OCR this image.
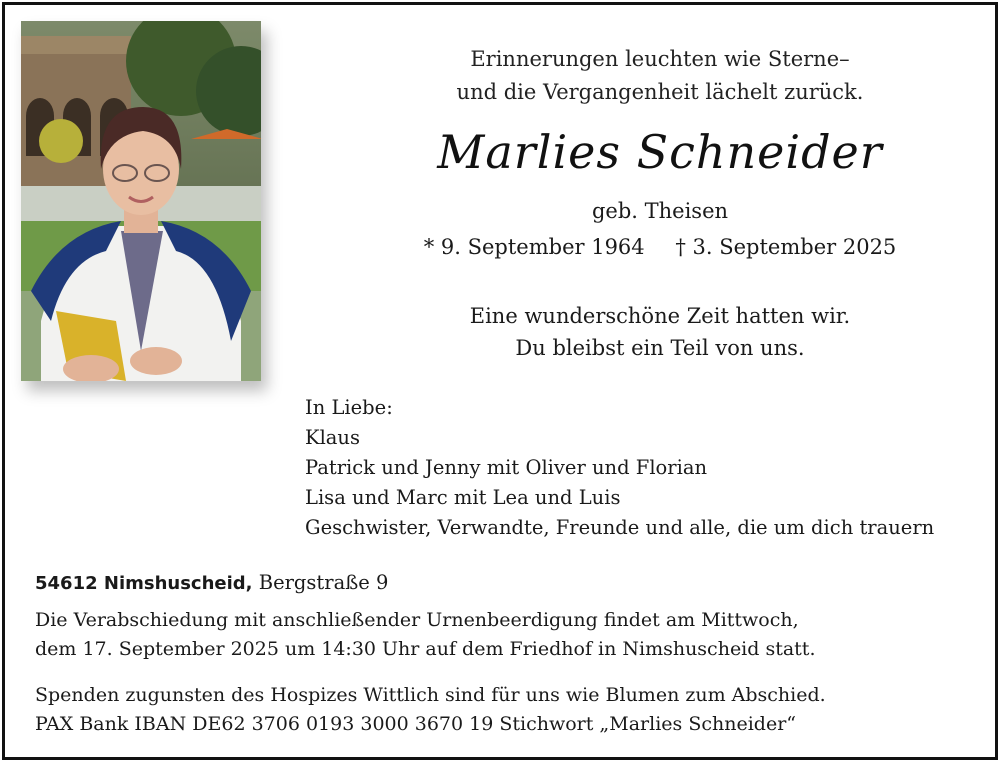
Erinnerungen leuchten wie Sterne–
und die Vergangenheit lächelt zurück.
Marlies Schneider
geb. Theisen
* 9. September 1964 † 3. September 2025
Eine wunderschöne Zeit hatten wir.
Du bleibst ein Teil von uns.
In Liebe:
Klaus
Patrick und Jenny mit Oliver und Florian
Lisa und Marc mit Lea und Luis
Geschwister, Verwandte, Freunde und alle, die um dich trauern
54612 Nimshuscheid, Bergstraße 9
Die Verabschiedung mit anschließender Urnenbeerdigung findet am Mittwoch,
dem 17. September 2025 um 14:30 Uhr auf dem Friedhof in Nimshuscheid statt.
Spenden zugunsten des Hospizes Wittlich sind für uns wie Blumen zum Abschied.
PAX Bank IBAN DE62 3706 0193 3000 3670 19 Stichwort „Marlies Schneider“
